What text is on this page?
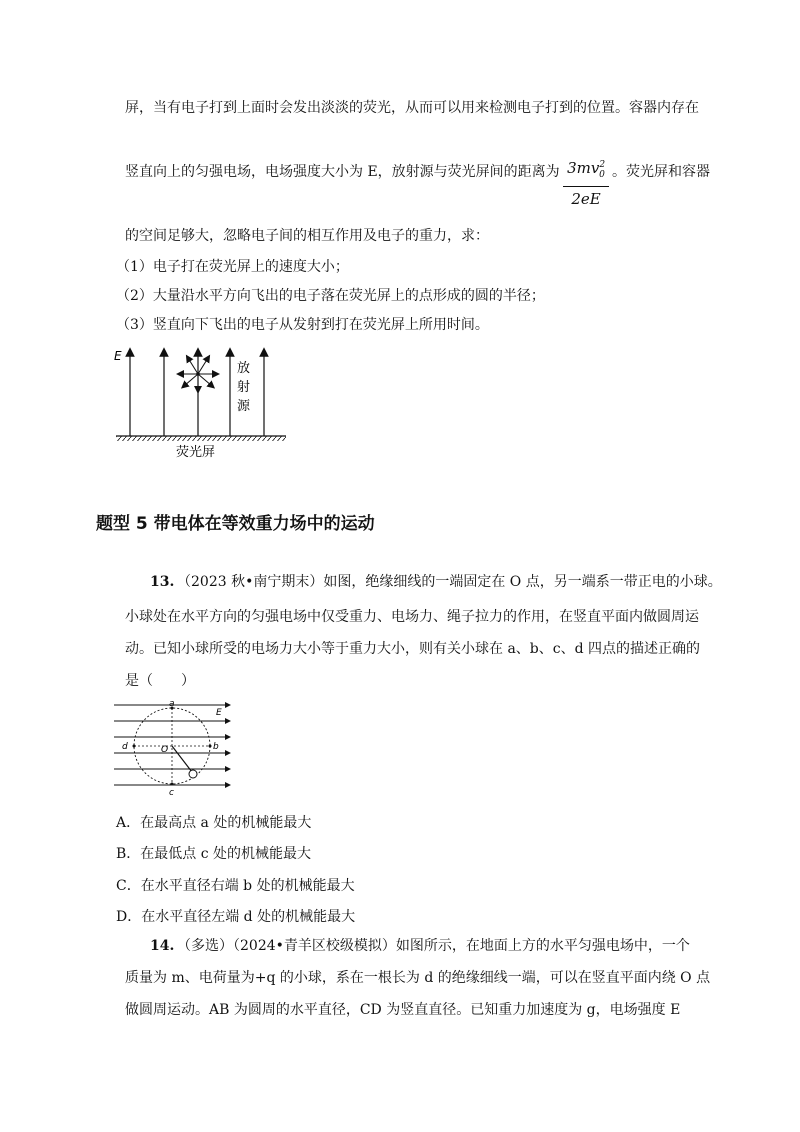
屏，当有电子打到上面时会发出淡淡的荧光，从而可以用来检测电子打到的位置。容器内存在
竖直向上的匀强电场，电场强度大小为 E，放射源与荧光屏间的距离为 $\frac{3mv^2_0}{2eE}$ 。荧光屏和容器
的空间足够大，忽略电子间的相互作用及电子的重力，求：
（1）电子打在荧光屏上的速度大小；
（2）大量沿水平方向飞出的电子落在荧光屏上的点形成的圆的半径；
（3）竖直向下飞出的电子从发射到打在荧光屏上所用时间。
E
放
射
源
荧光屏
题型 5 带电体在等效重力场中的运动
13. （2023 秋•南宁期末）如图，绝缘细线的一端固定在 O 点，另一端系一带正电的小球。
小球处在水平方向的匀强电场中仅受重力、电场力、绳子拉力的作用，在竖直平面内做圆周运
动。已知小球所受的电场力大小等于重力大小，则有关小球在 a、b、c、d 四点的描述正确的
是（　　）
a
b
c
d	O
E
A．在最高点 a 处的机械能最大
B．在最低点 c 处的机械能最大
C．在水平直径右端 b 处的机械能最大
D．在水平直径左端 d 处的机械能最大
14. （多选）（2024•青羊区校级模拟）如图所示，在地面上方的水平匀强电场中，一个
质量为 m、电荷量为+q 的小球，系在一根长为 d 的绝缘细线一端，可以在竖直平面内绕 O 点
做圆周运动。AB 为圆周的水平直径，CD 为竖直直径。已知重力加速度为 g，电场强度 E
